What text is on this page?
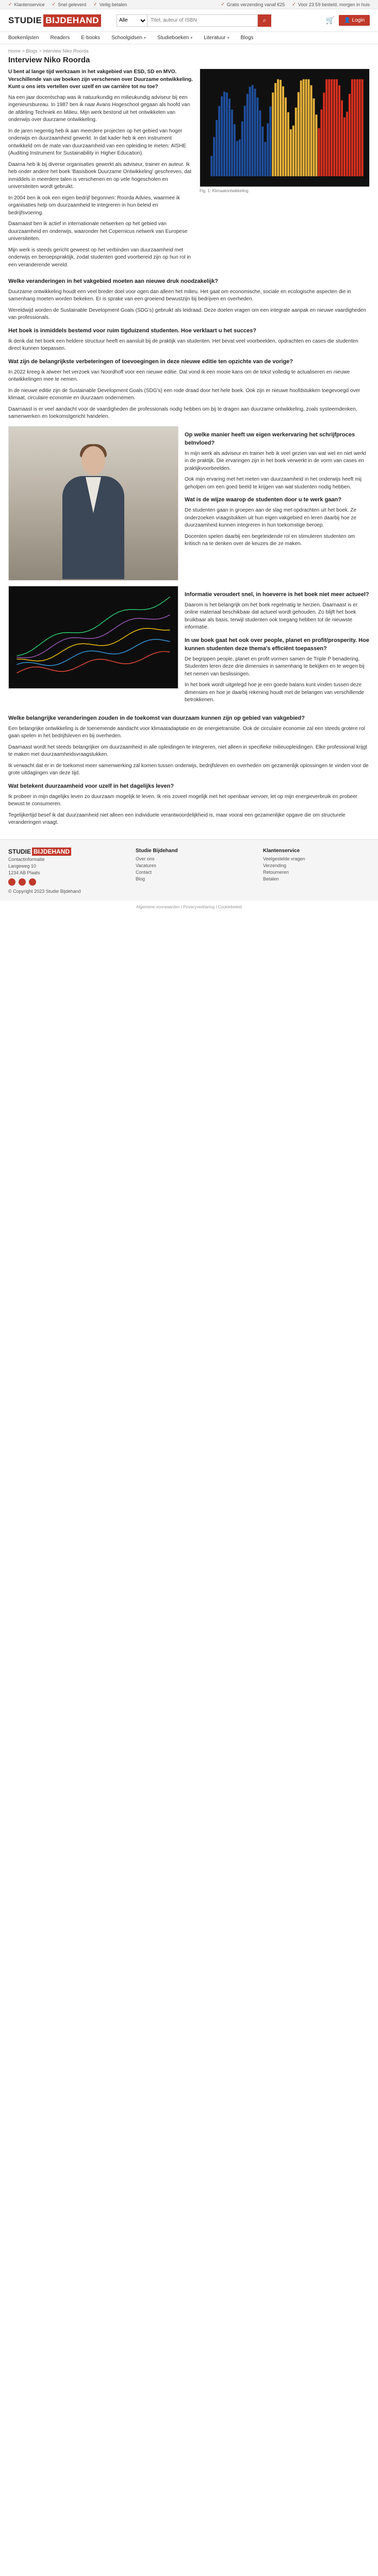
✓ Klantenservice ✓ Snel geleverd ✓ Veilig betalen	✓ Gratis verzending vanaf €25 ✓ Voor 23:59 besteld, morgen in huis
STUDIE BIJDEHAND
Alle
Titel, auteur of ISBN	⌕	🛒	👤 Login
Boekenlijsten Readers E-books Schoolgidsen ▾ Studieboeken ▾ Literatuur ▾ Blogs
Home > Blogs > Interview Niko Roorda
Interview Niko Roorda

U bent al lange tijd werkzaam in het vakgebied van ESD, SD en MVO. Verschillende van uw boeken zijn verschenen over Duurzame ontwikkeling. Kunt u ons iets vertellen over uzelf en uw carrière tot nu toe?

Na een jaar docentschap was ik natuurkundig en milieukundig adviseur bij een ingenieursbureau. In 1987 ben ik naar Avans Hogeschool gegaan als hoofd van de afdeling Techniek en Milieu. Mijn werk bestond uit het ontwikkelen van onderwijs over duurzame ontwikkeling.

In de jaren negentig heb ik aan meerdere projecten op het gebied van hoger onderwijs en duurzaamheid gewerkt. In dat kader heb ik een instrument ontwikkeld om de mate van duurzaamheid van een opleiding te meten: AISHE (Auditing Instrument for Sustainability in Higher Education).

Daarna heb ik bij diverse organisaties gewerkt als adviseur, trainer en auteur. Ik heb onder andere het boek 'Basisboek Duurzame Ontwikkeling' geschreven, dat inmiddels in meerdere talen is verschenen en op vele hogescholen en universiteiten wordt gebruikt.

In 2004 ben ik ook een eigen bedrijf begonnen: Roorda Advies, waarmee ik organisaties help om duurzaamheid te integreren in hun beleid en bedrijfsvoering.

Daarnaast ben ik actief in internationale netwerken op het gebied van duurzaamheid en onderwijs, waaronder het Copernicus netwerk van Europese universiteiten.

Mijn werk is steeds gericht geweest op het verbinden van duurzaamheid met onderwijs en beroepspraktijk, zodat studenten goed voorbereid zijn op hun rol in een veranderende wereld.

Fig. 1: Klimaatontwikkeling
Welke veranderingen in het vakgebied moeten aan nieuwe druk noodzakelijk?

Duurzame ontwikkeling houdt een veel breder doel voor ogen dan alleen het milieu. Het gaat om economische, sociale en ecologische aspecten die in samenhang moeten worden bekeken. Er is sprake van een groeiend bewustzijn bij bedrijven en overheden.

Wereldwijd worden de Sustainable Development Goals (SDG's) gebruikt als leidraad. Deze doelen vragen om een integrale aanpak en nieuwe vaardigheden van professionals.

Het boek is inmiddels bestemd voor ruim tigduizend studenten. Hoe verklaart u het succes?

Ik denk dat het boek een heldere structuur heeft en aansluit bij de praktijk van studenten. Het bevat veel voorbeelden, opdrachten en cases die studenten direct kunnen toepassen.

Wat zijn de belangrijkste verbeteringen of toevoegingen in deze nieuwe editie ten opzichte van de vorige?

In 2022 kreeg ik alweer het verzoek van Noordhoff voor een nieuwe editie. Dat vond ik een mooie kans om de tekst volledig te actualiseren en nieuwe ontwikkelingen mee te nemen.

In de nieuwe editie zijn de Sustainable Development Goals (SDG's) een rode draad door het hele boek. Ook zijn er nieuwe hoofdstukken toegevoegd over klimaat, circulaire economie en duurzaam ondernemen.

Daarnaast is er veel aandacht voor de vaardigheden die professionals nodig hebben om bij te dragen aan duurzame ontwikkeling, zoals systeemdenken, samenwerken en toekomstgericht handelen.

Op welke manier heeft uw eigen werkervaring het schrijfproces beïnvloed?

In mijn werk als adviseur en trainer heb ik veel gezien van wat wel en niet werkt in de praktijk. Die ervaringen zijn in het boek verwerkt in de vorm van cases en praktijkvoorbeelden.

Ook mijn ervaring met het meten van duurzaamheid in het onderwijs heeft mij geholpen om een goed beeld te krijgen van wat studenten nodig hebben.

Wat is de wijze waarop de studenten door u te werk gaan?

De studenten gaan in groepen aan de slag met opdrachten uit het boek. Ze onderzoeken vraagstukken uit hun eigen vakgebied en leren daarbij hoe ze duurzaamheid kunnen integreren in hun toekomstige beroep.

Docenten spelen daarbij een begeleidende rol en stimuleren studenten om kritisch na te denken over de keuzes die ze maken.

Informatie veroudert snel, in hoeverre is het boek niet meer actueel?

Daarom is het belangrijk om het boek regelmatig te herzien. Daarnaast is er online materiaal beschikbaar dat actueel wordt gehouden. Zo blijft het boek bruikbaar als basis, terwijl studenten ook toegang hebben tot de nieuwste informatie.

In uw boek gaat het ook over people, planet en profit/prosperity. Hoe kunnen studenten deze thema's efficiënt toepassen?

De begrippen people, planet en profit vormen samen de Triple P benadering. Studenten leren deze drie dimensies in samenhang te bekijken en te wegen bij het nemen van beslissingen.

In het boek wordt uitgelegd hoe je een goede balans kunt vinden tussen deze dimensies en hoe je daarbij rekening houdt met de belangen van verschillende betrokkenen.

Welke belangrijke veranderingen zouden in de toekomst van duurzaam kunnen zijn op gebied van vakgebied?

Een belangrijke ontwikkeling is de toenemende aandacht voor klimaatadaptatie en de energietransitie. Ook de circulaire economie zal een steeds grotere rol gaan spelen in het bedrijfsleven en bij overheden.

Daarnaast wordt het steeds belangrijker om duurzaamheid in alle opleidingen te integreren, niet alleen in specifieke milieuopleidingen. Elke professional krijgt te maken met duurzaamheidsvraagstukken.

Ik verwacht dat er in de toekomst meer samenwerking zal komen tussen onderwijs, bedrijfsleven en overheden om gezamenlijk oplossingen te vinden voor de grote uitdagingen van deze tijd.

Wat betekent duurzaamheid voor uzelf in het dagelijks leven?

Ik probeer in mijn dagelijks leven zo duurzaam mogelijk te leven. Ik reis zoveel mogelijk met het openbaar vervoer, let op mijn energieverbruik en probeer bewust te consumeren.

Tegelijkertijd besef ik dat duurzaamheid niet alleen een individuele verantwoordelijkheid is, maar vooral een gezamenlijke opgave die om structurele veranderingen vraagt.

STUDIE BIJDEHAND
Contactinformatie
Langeweg 10
1234 AB Plaats
© Copyright 2023 Studie Bijdehand
Studie Bijdehand
Over ons
Vacatures
Contact
Blog
Klantenservice
Veelgestelde vragen
Verzending
Retourneren
Betalen
Algemene voorwaarden | Privacyverklaring | Cookiebeleid
